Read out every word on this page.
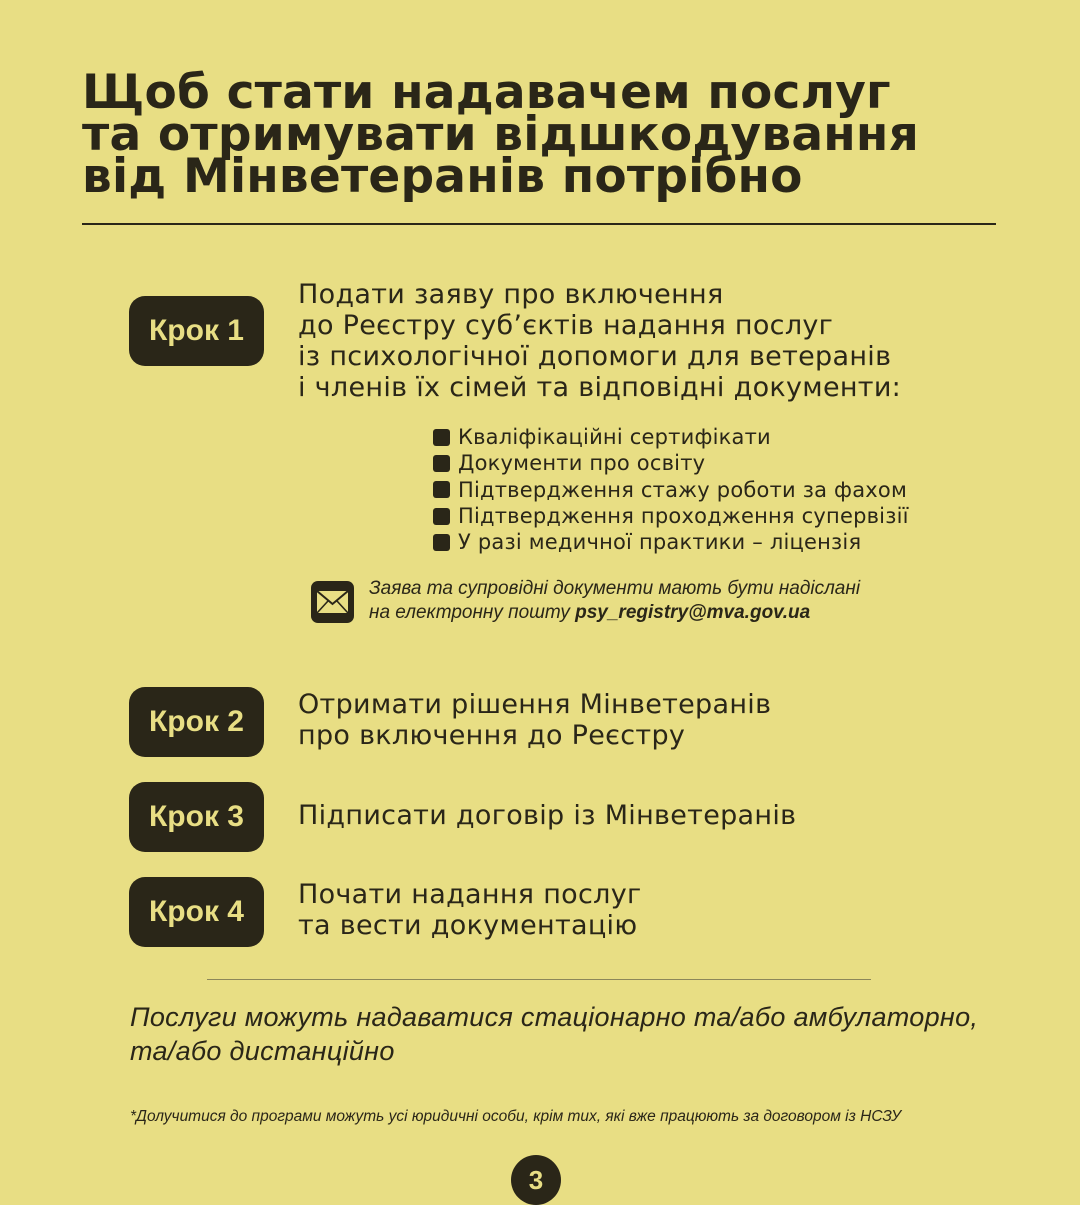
Щоб стати надавачем послуг
та отримувати відшкодування
від Мінветеранів потрібно
Крок 1
Подати заяву про включення
до Реєстру суб’єктів надання послуг
із психологічної допомоги для ветеранів
і членів їх сімей та відповідні документи:
Кваліфікаційні сертифікати
Документи про освіту
Підтвердження стажу роботи за фахом
Підтвердження проходження супервізії
У разі медичної практики – ліцензія
Заява та супровідні документи мають бути надіслані
на електронну пошту psy_registry@mva.gov.ua
Крок 2
Отримати рішення Мінветеранів
про включення до Реєстру
Крок 3	Підписати договір із Мінветеранів
Крок 4
Почати надання послуг
та вести документацію
Послуги можуть надаватися стаціонарно та/або амбулаторно,
та/або дистанційно
*Долучитися до програми можуть усі юридичні особи, крім тих, які вже працюють за договором із НСЗУ
3
